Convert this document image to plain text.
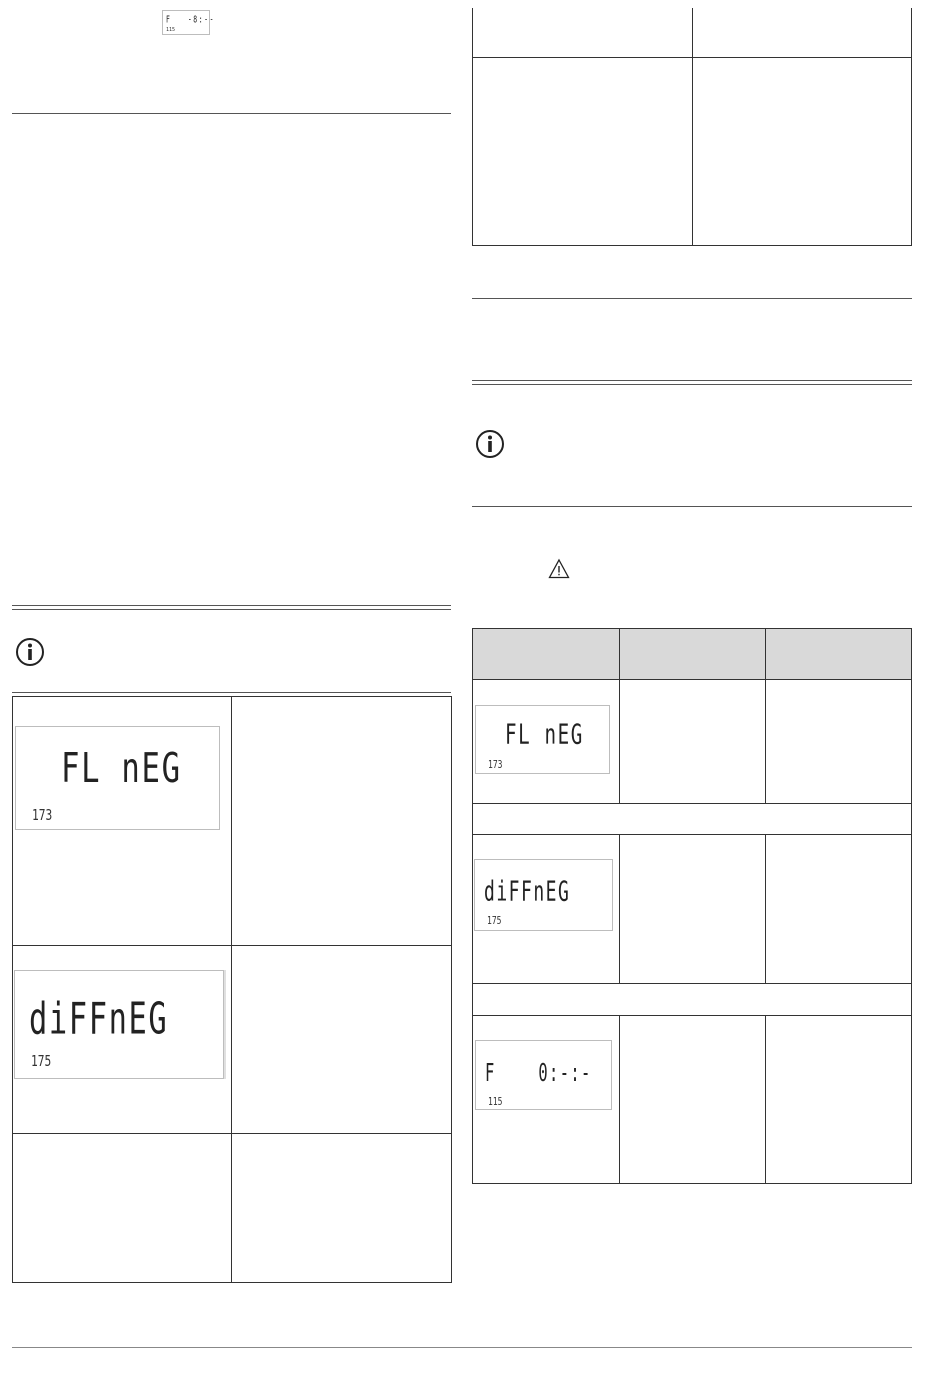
F   -8:--
115
FL nEG
173
diFFnEG
175
FL nEG
173
diFFnEG
175
F    0:-:-
115
